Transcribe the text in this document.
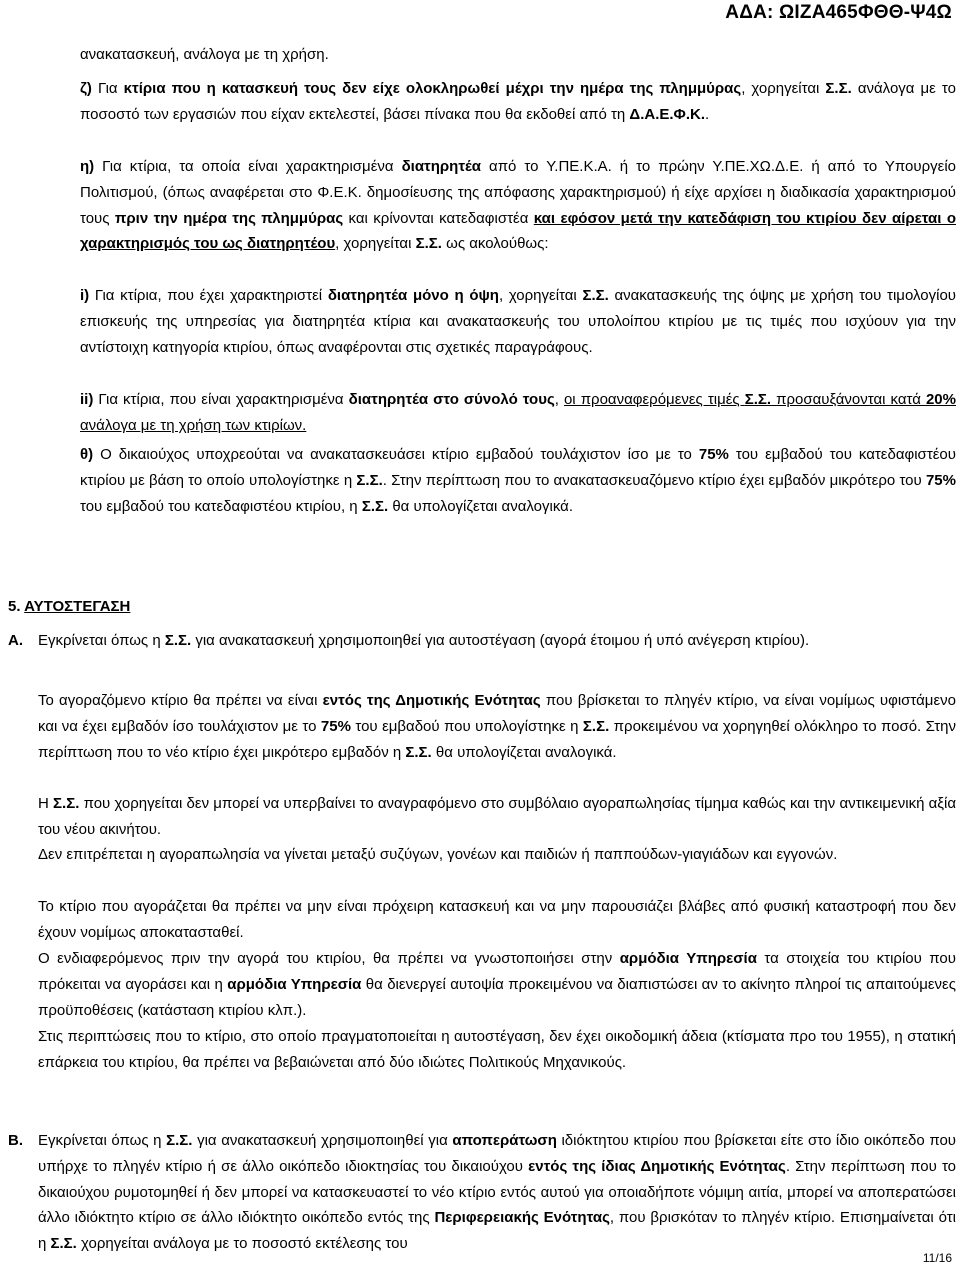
ΑΔΑ: ΩΙΖΑ465ΦΘΘ-Ψ4Ω

ανακατασκευή, ανάλογα με τη χρήση.

ζ) Για κτίρια που η κατασκευή τους δεν είχε ολοκληρωθεί μέχρι την ημέρα της πλημμύρας, χορηγείται Σ.Σ. ανάλογα με το ποσοστό των εργασιών που είχαν εκτελεστεί, βάσει πίνακα που θα εκδοθεί από τη Δ.Α.Ε.Φ.Κ..

η) Για κτίρια, τα οποία είναι χαρακτηρισμένα διατηρητέα από το Υ.ΠΕ.Κ.Α. ή το πρώην Υ.ΠΕ.ΧΩ.Δ.Ε. ή από το Υπουργείο Πολιτισμού, (όπως αναφέρεται στο Φ.Ε.Κ. δημοσίευσης της απόφασης χαρακτηρισμού) ή είχε αρχίσει η διαδικασία χαρακτηρισμού τους πριν την ημέρα της πλημμύρας και κρίνονται κατεδαφιστέα και εφόσον μετά την κατεδάφιση του κτιρίου δεν αίρεται ο χαρακτηρισμός του ως διατηρητέου, χορηγείται Σ.Σ. ως ακολούθως:

i) Για κτίρια, που έχει χαρακτηριστεί διατηρητέα μόνο η όψη, χορηγείται Σ.Σ. ανακατασκευής της όψης με χρήση του τιμολογίου επισκευής της υπηρεσίας για διατηρητέα κτίρια και ανακατασκευής του υπολοίπου κτιρίου με τις τιμές που ισχύουν για την αντίστοιχη κατηγορία κτιρίου, όπως αναφέρονται στις σχετικές παραγράφους.

ii) Για κτίρια, που είναι χαρακτηρισμένα διατηρητέα στο σύνολό τους, οι προαναφερόμενες τιμές Σ.Σ. προσαυξάνονται κατά 20% ανάλογα με τη χρήση των κτιρίων.

θ) Ο δικαιούχος υποχρεούται να ανακατασκευάσει κτίριο εμβαδού τουλάχιστον ίσο με το 75% του εμβαδού του κατεδαφιστέου κτιρίου με βάση το οποίο υπολογίστηκε η Σ.Σ.. Στην περίπτωση που το ανακατασκευαζόμενο κτίριο έχει εμβαδόν μικρότερο του 75% του εμβαδού του κατεδαφιστέου κτιρίου, η Σ.Σ. θα υπολογίζεται αναλογικά.

5. ΑΥΤΟΣΤΕΓΑΣΗ

Α. Εγκρίνεται όπως η Σ.Σ. για ανακατασκευή χρησιμοποιηθεί για αυτοστέγαση (αγορά έτοιμου ή υπό ανέγερση κτιρίου).

Το αγοραζόμενο κτίριο θα πρέπει να είναι εντός της Δημοτικής Ενότητας που βρίσκεται το πληγέν κτίριο, να είναι νομίμως υφιστάμενο και να έχει εμβαδόν ίσο τουλάχιστον με το 75% του εμβαδού που υπολογίστηκε η Σ.Σ. προκειμένου να χορηγηθεί ολόκληρο το ποσό. Στην περίπτωση που το νέο κτίριο έχει μικρότερο εμβαδόν η Σ.Σ. θα υπολογίζεται αναλογικά.

Η Σ.Σ. που χορηγείται δεν μπορεί να υπερβαίνει το αναγραφόμενο στο συμβόλαιο αγοραπωλησίας τίμημα καθώς και την αντικειμενική αξία του νέου ακινήτου.

Δεν επιτρέπεται η αγοραπωλησία να γίνεται μεταξύ συζύγων, γονέων και παιδιών ή παππούδων-γιαγιάδων και εγγονών.

Το κτίριο που αγοράζεται θα πρέπει να μην είναι πρόχειρη κατασκευή και να μην παρουσιάζει βλάβες από φυσική καταστροφή που δεν έχουν νομίμως αποκατασταθεί.

Ο ενδιαφερόμενος πριν την αγορά του κτιρίου, θα πρέπει να γνωστοποιήσει στην αρμόδια Υπηρεσία τα στοιχεία του κτιρίου που πρόκειται να αγοράσει και η αρμόδια Υπηρεσία θα διενεργεί αυτοψία προκειμένου να διαπιστώσει αν το ακίνητο πληροί τις απαιτούμενες προϋποθέσεις (κατάσταση κτιρίου κλπ.).

Στις περιπτώσεις που το κτίριο, στο οποίο πραγματοποιείται η αυτοστέγαση, δεν έχει οικοδομική άδεια (κτίσματα προ του 1955), η στατική επάρκεια του κτιρίου, θα πρέπει να βεβαιώνεται από δύο ιδιώτες Πολιτικούς Μηχανικούς.

Β. Εγκρίνεται όπως η Σ.Σ. για ανακατασκευή χρησιμοποιηθεί για αποπεράτωση ιδιόκτητου κτιρίου που βρίσκεται είτε στο ίδιο οικόπεδο που υπήρχε το πληγέν κτίριο ή σε άλλο οικόπεδο ιδιοκτησίας του δικαιούχου εντός της ίδιας Δημοτικής Ενότητας. Στην περίπτωση που το δικαιούχου ρυμοτομηθεί ή δεν μπορεί να κατασκευαστεί το νέο κτίριο εντός αυτού για οποιαδήποτε νόμιμη αιτία, μπορεί να αποπερατώσει άλλο ιδιόκτητο κτίριο σε άλλο ιδιόκτητο οικόπεδο εντός της Περιφερειακής Ενότητας, που βρισκόταν το πληγέν κτίριο. Επισημαίνεται ότι η Σ.Σ. χορηγείται ανάλογα με το ποσοστό εκτέλεσης του

11/16
